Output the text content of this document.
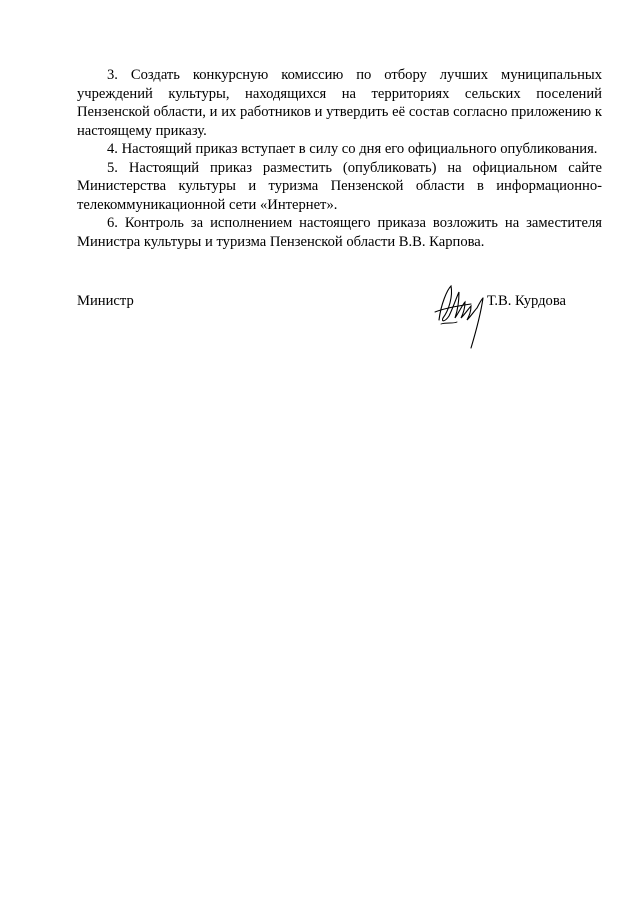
3. Создать конкурсную комиссию по отбору лучших муниципальных учреждений культуры, находящихся на территориях сельских поселений Пензенской области, и их работников и утвердить её состав согласно приложению к настоящему приказу.

4. Настоящий приказ вступает в силу со дня его официального опубликования.

5. Настоящий приказ разместить (опубликовать) на официальном сайте Министерства культуры и туризма Пензенской области в информационно-телекоммуникационной сети «Интернет».

6. Контроль за исполнением настоящего приказа возложить на заместителя Министра культуры и туризма Пензенской области В.В. Карпова.

Министр	Т.В. Курдова
